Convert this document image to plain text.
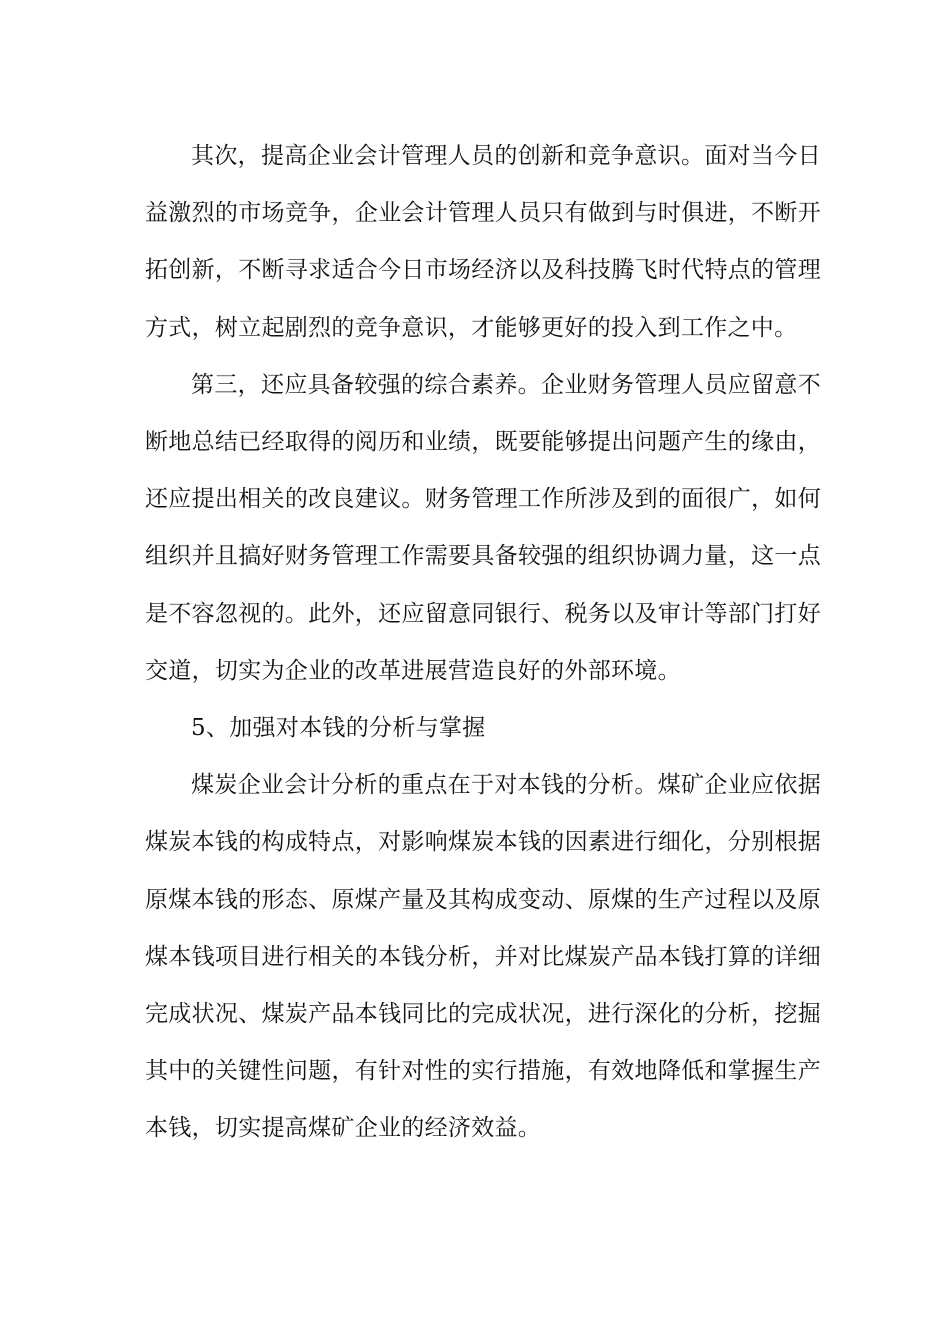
其次，提高企业会计管理人员的创新和竞争意识。面对当今日益激烈的市场竞争，企业会计管理人员只有做到与时俱进，不断开拓创新，不断寻求适合今日市场经济以及科技腾飞时代特点的管理方式，树立起剧烈的竞争意识，才能够更好的投入到工作之中。

第三，还应具备较强的综合素养。企业财务管理人员应留意不断地总结已经取得的阅历和业绩，既要能够提出问题产生的缘由，还应提出相关的改良建议。财务管理工作所涉及到的面很广，如何组织并且搞好财务管理工作需要具备较强的组织协调力量，这一点是不容忽视的。此外，还应留意同银行、税务以及审计等部门打好交道，切实为企业的改革进展营造良好的外部环境。

5、加强对本钱的分析与掌握

煤炭企业会计分析的重点在于对本钱的分析。煤矿企业应依据煤炭本钱的构成特点，对影响煤炭本钱的因素进行细化，分别根据原煤本钱的形态、原煤产量及其构成变动、原煤的生产过程以及原煤本钱项目进行相关的本钱分析，并对比煤炭产品本钱打算的详细完成状况、煤炭产品本钱同比的完成状况，进行深化的分析，挖掘其中的关键性问题，有针对性的实行措施，有效地降低和掌握生产本钱，切实提高煤矿企业的经济效益。
